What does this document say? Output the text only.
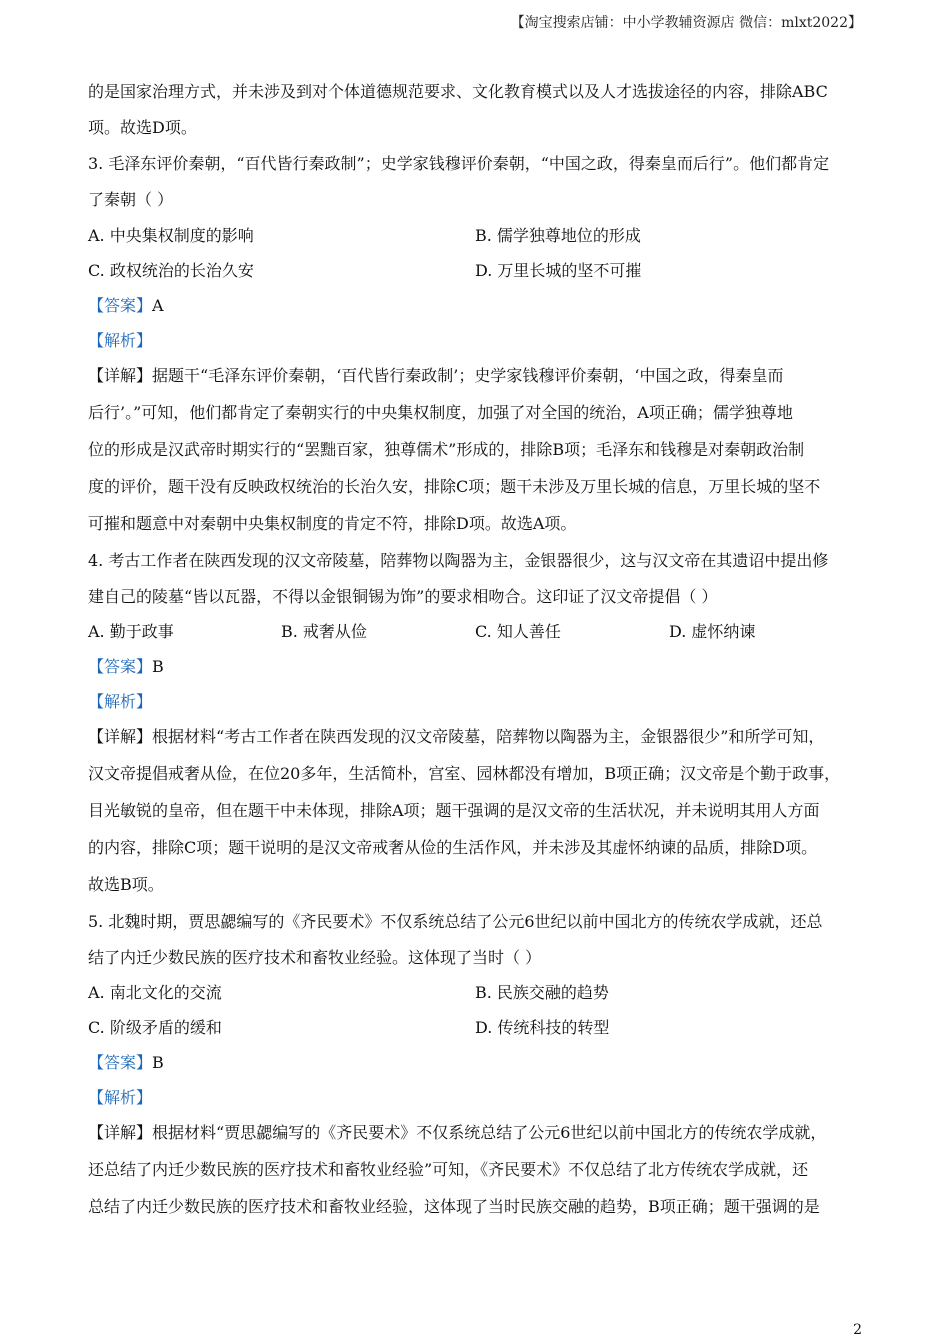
【淘宝搜索店铺：中小学教辅资源店 微信：mlxt2022】
的是国家治理方式，并未涉及到对个体道德规范要求、文化教育模式以及人才选拔途径的内容，排除ABC
项。故选D项。
3. 毛泽东评价秦朝，“百代皆行秦政制”；史学家钱穆评价秦朝，“中国之政，得秦皇而后行”。他们都肯定
了秦朝（ ）
A. 中央集权制度的影响	B. 儒学独尊地位的形成
C. 政权统治的长治久安	D. 万里长城的坚不可摧
【答案】A
【解析】
【详解】据题干“毛泽东评价秦朝，‘百代皆行秦政制’；史学家钱穆评价秦朝，‘中国之政，得秦皇而
后行’。”可知，他们都肯定了秦朝实行的中央集权制度，加强了对全国的统治，A项正确；儒学独尊地
位的形成是汉武帝时期实行的“罢黜百家，独尊儒术”形成的，排除B项；毛泽东和钱穆是对秦朝政治制
度的评价，题干没有反映政权统治的长治久安，排除C项；题干未涉及万里长城的信息，万里长城的坚不
可摧和题意中对秦朝中央集权制度的肯定不符，排除D项。故选A项。
4. 考古工作者在陕西发现的汉文帝陵墓，陪葬物以陶器为主，金银器很少，这与汉文帝在其遗诏中提出修
建自己的陵墓“皆以瓦器，不得以金银铜锡为饰”的要求相吻合。这印证了汉文帝提倡（ ）
A. 勤于政事	B. 戒奢从俭	C. 知人善任	D. 虚怀纳谏
【答案】B
【解析】
【详解】根据材料“考古工作者在陕西发现的汉文帝陵墓，陪葬物以陶器为主，金银器很少”和所学可知，
汉文帝提倡戒奢从俭，在位20多年，生活简朴，宫室、园林都没有增加，B项正确；汉文帝是个勤于政事，
目光敏锐的皇帝，但在题干中未体现，排除A项；题干强调的是汉文帝的生活状况，并未说明其用人方面
的内容，排除C项；题干说明的是汉文帝戒奢从俭的生活作风，并未涉及其虚怀纳谏的品质，排除D项。
故选B项。
5. 北魏时期，贾思勰编写的《齐民要术》不仅系统总结了公元6世纪以前中国北方的传统农学成就，还总
结了内迁少数民族的医疗技术和畜牧业经验。这体现了当时（ ）
A. 南北文化的交流	B. 民族交融的趋势
C. 阶级矛盾的缓和	D. 传统科技的转型
【答案】B
【解析】
【详解】根据材料“贾思勰编写的《齐民要术》不仅系统总结了公元6世纪以前中国北方的传统农学成就，
还总结了内迁少数民族的医疗技术和畜牧业经验”可知，《齐民要术》不仅总结了北方传统农学成就，还
总结了内迁少数民族的医疗技术和畜牧业经验，这体现了当时民族交融的趋势，B项正确；题干强调的是
2
